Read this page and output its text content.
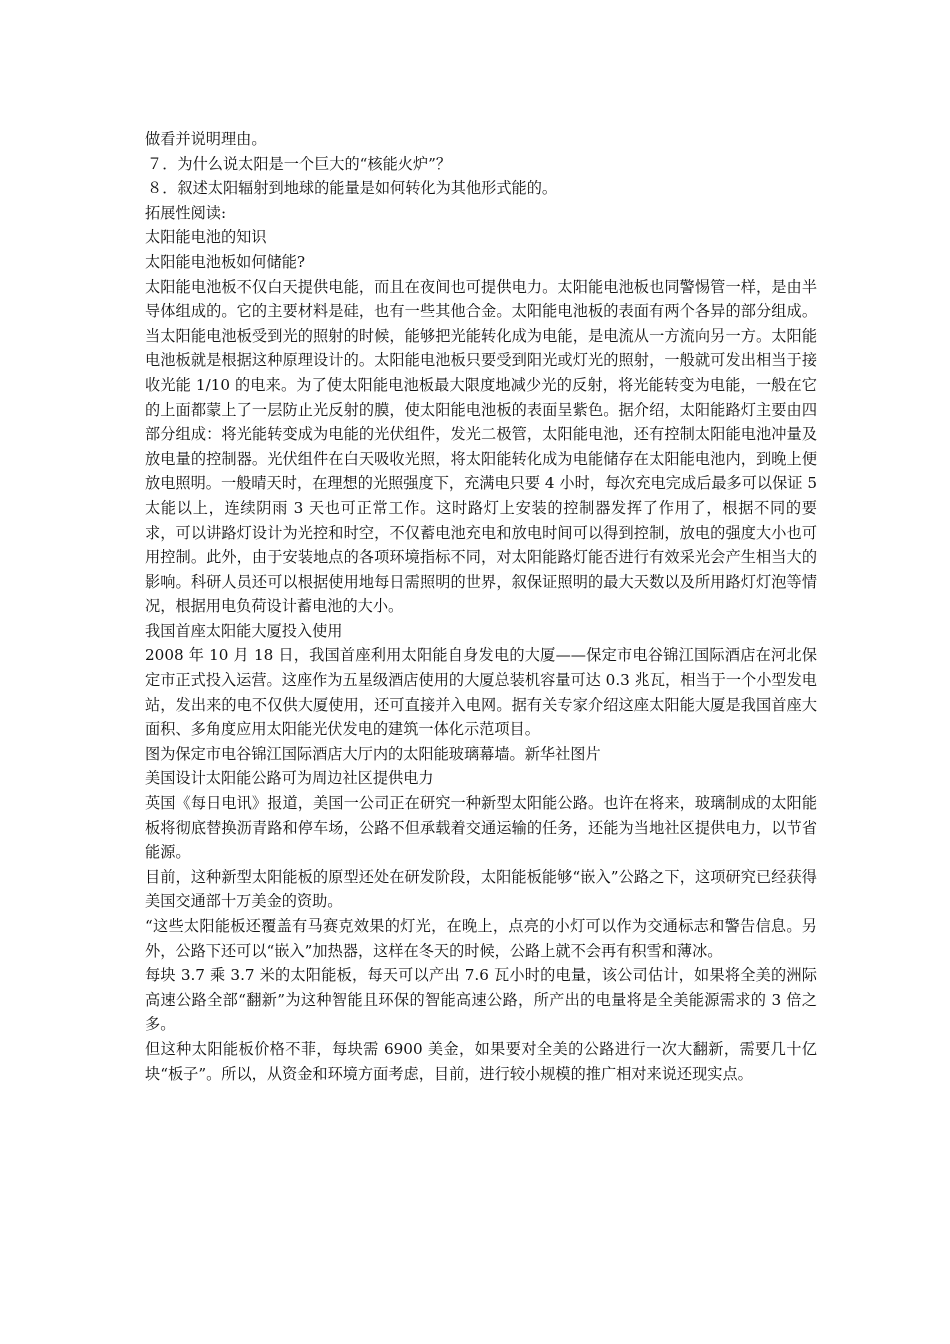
做看并说明理由。

７．为什么说太阳是一个巨大的“核能火炉”？

８．叙述太阳辐射到地球的能量是如何转化为其他形式能的。

拓展性阅读:

太阳能电池的知识

太阳能电池板如何储能?

太阳能电池板不仅白天提供电能，而且在夜间也可提供电力。太阳能电池板也同警惕管一样，是由半导体组成的。它的主要材料是硅，也有一些其他合金。太阳能电池板的表面有两个各异的部分组成。当太阳能电池板受到光的照射的时候，能够把光能转化成为电能，是电流从一方流向另一方。太阳能电池板就是根据这种原理设计的。太阳能电池板只要受到阳光或灯光的照射，一般就可发出相当于接收光能 1/10 的电来。为了使太阳能电池板最大限度地减少光的反射，将光能转变为电能，一般在它的上面都蒙上了一层防止光反射的膜，使太阳能电池板的表面呈紫色。据介绍，太阳能路灯主要由四部分组成：将光能转变成为电能的光伏组件，发光二极管，太阳能电池，还有控制太阳能电池冲量及放电量的控制器。光伏组件在白天吸收光照，将太阳能转化成为电能储存在太阳能电池内，到晚上便放电照明。一般晴天时，在理想的光照强度下，充满电只要 4 小时，每次充电完成后最多可以保证 5 太能以上，连续阴雨 3 天也可正常工作。这时路灯上安装的控制器发挥了作用了，根据不同的要求，可以讲路灯设计为光控和时空，不仅蓄电池充电和放电时间可以得到控制，放电的强度大小也可用控制。此外，由于安装地点的各项环境指标不同，对太阳能路灯能否进行有效采光会产生相当大的影响。科研人员还可以根据使用地每日需照明的世界，叙保证照明的最大天数以及所用路灯灯泡等情况，根据用电负荷设计蓄电池的大小。

我国首座太阳能大厦投入使用

2008 年 10 月 18 日，我国首座利用太阳能自身发电的大厦——保定市电谷锦江国际酒店在河北保定市正式投入运营。这座作为五星级酒店使用的大厦总装机容量可达 0.3 兆瓦，相当于一个小型发电站，发出来的电不仅供大厦使用，还可直接并入电网。据有关专家介绍这座太阳能大厦是我国首座大面积、多角度应用太阳能光伏发电的建筑一体化示范项目。

图为保定市电谷锦江国际酒店大厅内的太阳能玻璃幕墙。新华社图片

美国设计太阳能公路可为周边社区提供电力

英国《每日电讯》报道，美国一公司正在研究一种新型太阳能公路。也许在将来，玻璃制成的太阳能板将彻底替换沥青路和停车场，公路不但承载着交通运输的任务，还能为当地社区提供电力，以节省能源。

目前，这种新型太阳能板的原型还处在研发阶段，太阳能板能够“嵌入”公路之下，这项研究已经获得美国交通部十万美金的资助。

“这些太阳能板还覆盖有马赛克效果的灯光，在晚上，点亮的小灯可以作为交通标志和警告信息。另外，公路下还可以“嵌入”加热器，这样在冬天的时候，公路上就不会再有积雪和薄冰。

每块 3.7 乘 3.7 米的太阳能板，每天可以产出 7.6 瓦小时的电量，该公司估计，如果将全美的洲际高速公路全部“翻新”为这种智能且环保的智能高速公路，所产出的电量将是全美能源需求的 3 倍之多。

但这种太阳能板价格不菲，每块需 6900 美金，如果要对全美的公路进行一次大翻新，需要几十亿块“板子”。所以，从资金和环境方面考虑，目前，进行较小规模的推广相对来说还现实点。
